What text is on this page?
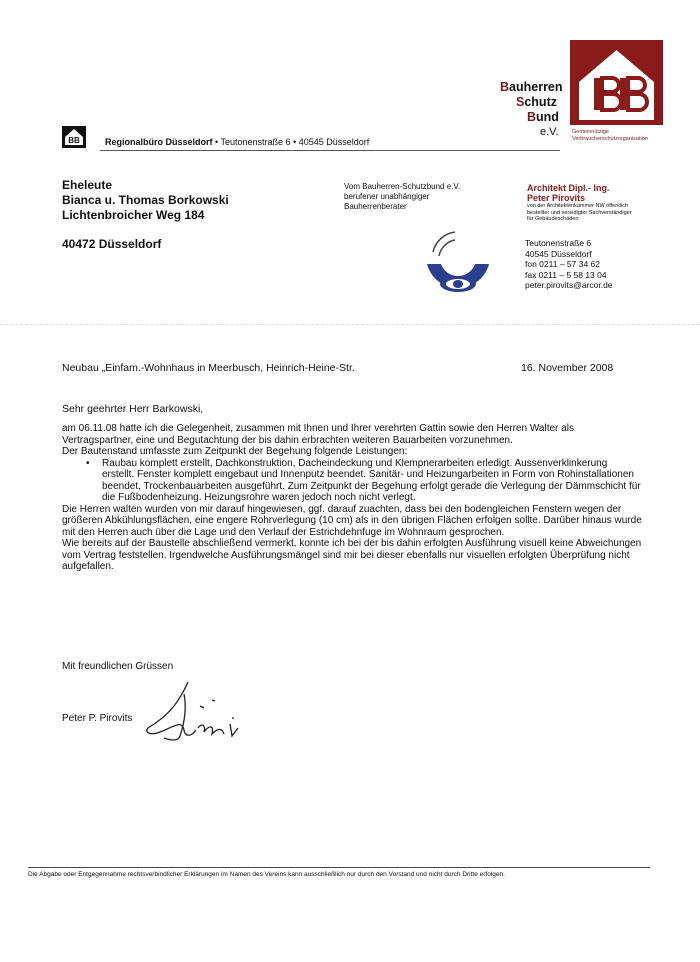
Bauherren
Schutz
Bund
e.V. Gemeinnützige
Verbraucherschutzorganisation
BB	Regionalbüro Düsseldorf • Teutonenstraße 6 • 40545 Düsseldorf
Eheleute
Bianca u. Thomas Borkowski
Lichtenbroicher Weg 184
40472 Düsseldorf
Vom Bauherren-Schutzbund e.V.
berufener unabhängiger
Bauherrenberater
Architekt Dipl.- Ing.
Peter Pirovits
von der Architektenkammer NW öffentlich
bestellter und vereidigter Sachverständiger
für Gebäudeschäden
Teutonenstraße 6
40545 Düsseldorf
fon 0211 – 57 34 62
fax 0211 – 5 58 13 04
peter.pirovits@arcor.de
Neubau „Einfam.-Wohnhaus in Meerbusch, Heinrich-Heine-Str.	16. November 2008
Sehr geehrter Herr Barkowski,

am 06.11.08 hatte ich die Gelegenheit, zusammen mit Ihnen und Ihrer verehrten Gattin sowie den Herren Walter als Vertragspartner, eine und Begutachtung der bis dahin erbrachten weiteren Bauarbeiten vorzunehmen.

Der Bautenstand umfasste zum Zeitpunkt der Begehung folgende Leistungen:

•	Raubau komplett erstellt, Dachkonstruktion, Dacheindeckung und Klempnerarbeiten erledigt. Aussenverklinkerung erstellt. Fenster komplett eingebaut und Innenputz beendet. Sanitär- und Heizungarbeiten in Form von Rohinstallationen beendet, Trockenbauarbeiten ausgeführt. Zum Zeitpunkt der Begehung erfolgt gerade die Verlegung der Dämmschicht für die Fußbodenheizung. Heizungsrohre waren jedoch noch nicht verlegt.

Die Herren walten wurden von mir darauf hingewiesen, ggf. darauf zuachten, dass bei den bodengleichen Fenstern wegen der größeren Abkühlungsflächen, eine engere Rohrverlegung (10 cm) als in den übrigen Flächen erfolgen sollte. Darüber hinaus wurde mit den Herren auch über die Lage und den Verlauf der Estrichdehnfuge im Wohnraum gesprochen.

Wie bereits auf der Baustelle abschließend vermerkt, konnte ich bei der bis dahin erfolgten Ausführung visuell keine Abweichungen vom Vertrag feststellen. Irgendwelche Ausführungsmängel sind mir bei dieser ebenfalls nur visuellen erfolgten Überprüfung nicht aufgefallen.

Mit freundlichen Grüssen
Peter P. Pirovits
Die Abgabe oder Entgegennahme rechtsverbindlicher Erklärungen im Namen des Vereins kann ausschließlich nur durch den Vorstand und nicht durch Dritte erfolgen.
